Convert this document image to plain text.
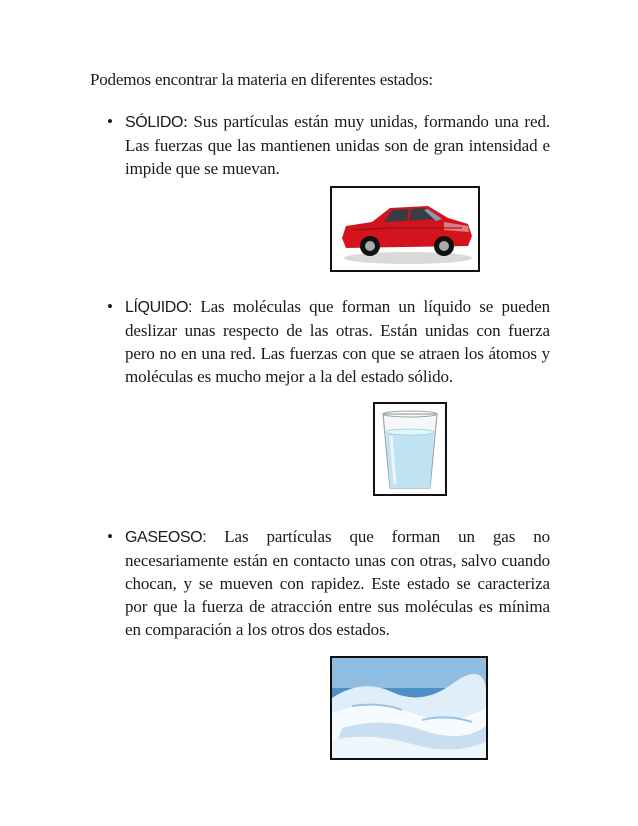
Podemos encontrar la materia en diferentes estados:
• SÓLIDO: Sus partículas están muy unidas, formando una red. Las fuerzas que las mantienen unidas son de gran intensidad e impide que se muevan.
• LÍQUIDO: Las moléculas que forman un líquido se pueden deslizar unas respecto de las otras. Están unidas con fuerza pero no en una red. Las fuerzas con que se atraen los átomos y moléculas es mucho mejor a la del estado sólido.
• GASEOSO: Las partículas que forman un gas no necesariamente están en contacto unas con otras, salvo cuando chocan, y se mueven con rapidez. Este estado se caracteriza por que la fuerza de atracción entre sus moléculas es mínima en comparación a los otros dos estados.
